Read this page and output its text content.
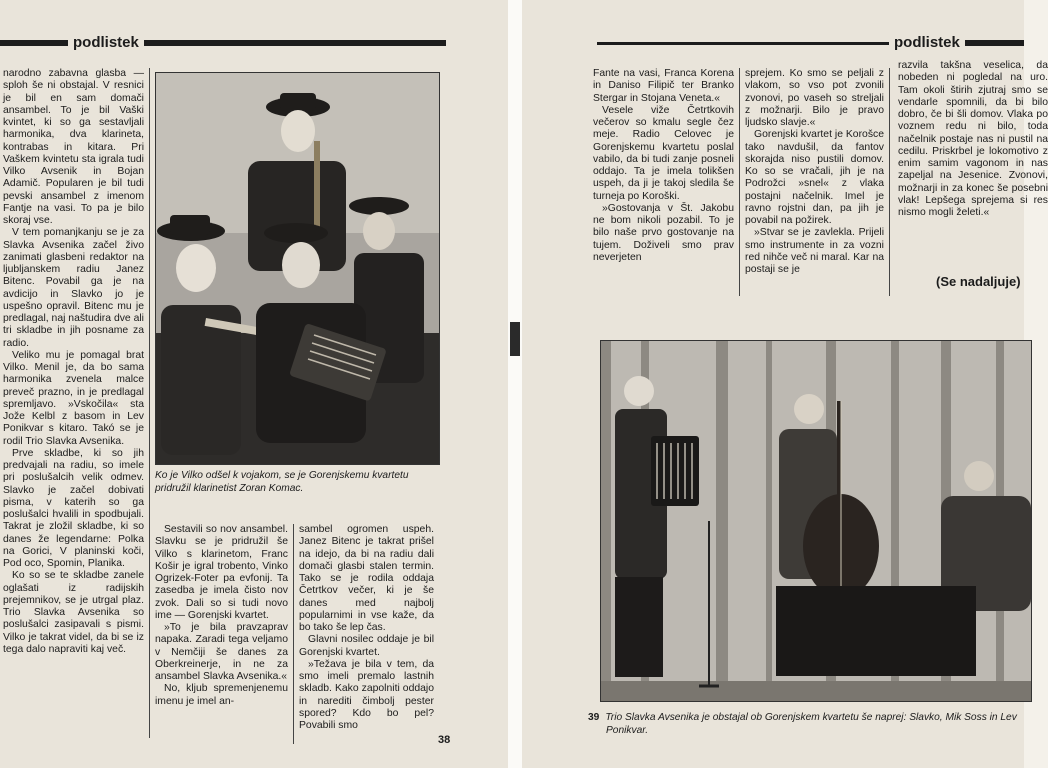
podlistek

narodno zabavna glasba — sploh še ni obstajal. V resnici je bil en sam domači ansambel. To je bil Vaški kvintet, ki so ga sestavljali harmonika, dva klarineta, kontrabas in kitara. Pri Vaškem kvintetu sta igrala tudi Vilko Avsenik in Bojan Adamič. Popularen je bil tudi pevski ansambel z imenom Fantje na vasi. To pa je bilo skoraj vse.

V tem pomanjkanju se je za Slavka Avsenika začel živo zanimati glasbeni redaktor na ljubljanskem radiu Janez Bitenc. Povabil ga je na avdicijo in Slavko jo je uspešno opravil. Bitenc mu je predlagal, naj naštudira dve ali tri skladbe in jih posname za radio.

Veliko mu je pomagal brat Vilko. Menil je, da bo sama harmonika zvenela malce preveč prazno, in je predlagal spremljavo. »Vskočila« sta Jože Kelbl z basom in Lev Ponikvar s kitaro. Takó se je rodil Trio Slavka Avsenika.

Prve skladbe, ki so jih predvajali na radiu, so imele pri poslušalcih velik odmev. Slavko je začel dobivati pisma, v katerih so ga poslušalci hvalili in spodbujali. Takrat je zložil skladbe, ki so danes že legendarne: Polka na Gorici, V planinski koči, Pod oco, Spomin, Planika.

Ko so se te skladbe zanele oglašati iz radijskih prejemnikov, se je utrgal plaz. Trio Slavka Avsenika so poslušalci zasipavali s pismi. Vilko je takrat videl, da bi se iz tega dalo napraviti kaj več.

Ko je Vilko odšel k vojakom, se je Gorenjskemu kvartetu pridružil klarinetist Zoran Komac.

Sestavili so nov ansambel. Slavku se je pridružil še Vilko s klarinetom, Franc Košir je igral trobento, Vinko Ogrizek-Foter pa evfonij. Ta zasedba je imela čisto nov zvok. Dali so si tudi novo ime — Gorenjski kvartet.

»To je bila pravzaprav napaka. Zaradi tega veljamo v Nemčiji še danes za Oberkreinerje, in ne za ansambel Slavka Avsenika.«

No, kljub spremenjenemu imenu je imel an-

sambel ogromen uspeh. Janez Bitenc je takrat prišel na idejo, da bi na radiu dali domači glasbi stalen termin. Tako se je rodila oddaja Četrtkov večer, ki je še danes med najbolj popularnimi in vse kaže, da bo tako še lep čas.

Glavni nosilec oddaje je bil Gorenjski kvartet.

»Težava je bila v tem, da smo imeli premalo lastnih skladb. Kako zapolniti oddajo in narediti čimbolj pester spored? Kdo bo pel? Povabili smo

38
podlistek

Fante na vasi, Franca Korena in Daniso Filipič ter Branko Stergar in Stojana Veneta.«

Vesele viže Četrtkovih večerov so kmalu segle čez meje. Radio Celovec je Gorenjskemu kvartetu poslal vabilo, da bi tudi zanje posneli oddajo. Ta je imela tolikšen uspeh, da ji je takoj sledila še turneja po Koroški.

»Gostovanja v Št. Jakobu ne bom nikoli pozabil. To je bilo naše prvo gostovanje na tujem. Doživeli smo prav neverjeten

sprejem. Ko smo se peljali z vlakom, so vso pot zvonili zvonovi, po vaseh so streljali z možnarji. Bilo je pravo ljudsko slavje.«

Gorenjski kvartet je Korošce tako navdušil, da fantov skorajda niso pustili domov. Ko so se vračali, jih je na Podrožci »snel« z vlaka postajni načelnik. Imel je ravno rojstni dan, pa jih je povabil na požirek.

»Stvar se je zavlekla. Prijeli smo instrumente in za vozni red nihče več ni maral. Kar na postaji se je

razvila takšna veselica, da nobeden ni pogledal na uro. Tam okoli štirih zjutraj smo se vendarle spomnili, da bi bilo dobro, če bi šli domov. Vlaka po voznem redu ni bilo, toda načelnik postaje nas ni pustil na cedilu. Priskrbel je lokomotivo z enim samim vagonom in nas zapeljal na Jesenice. Zvonovi, možnarji in za konec še posebni vlak! Lepšega sprejema si res nismo mogli želeti.«

(Se nadaljuje)
39 Trio Slavka Avsenika je obstajal ob Gorenjskem kvartetu še naprej: Slavko, Mik Soss in Lev Ponikvar.
